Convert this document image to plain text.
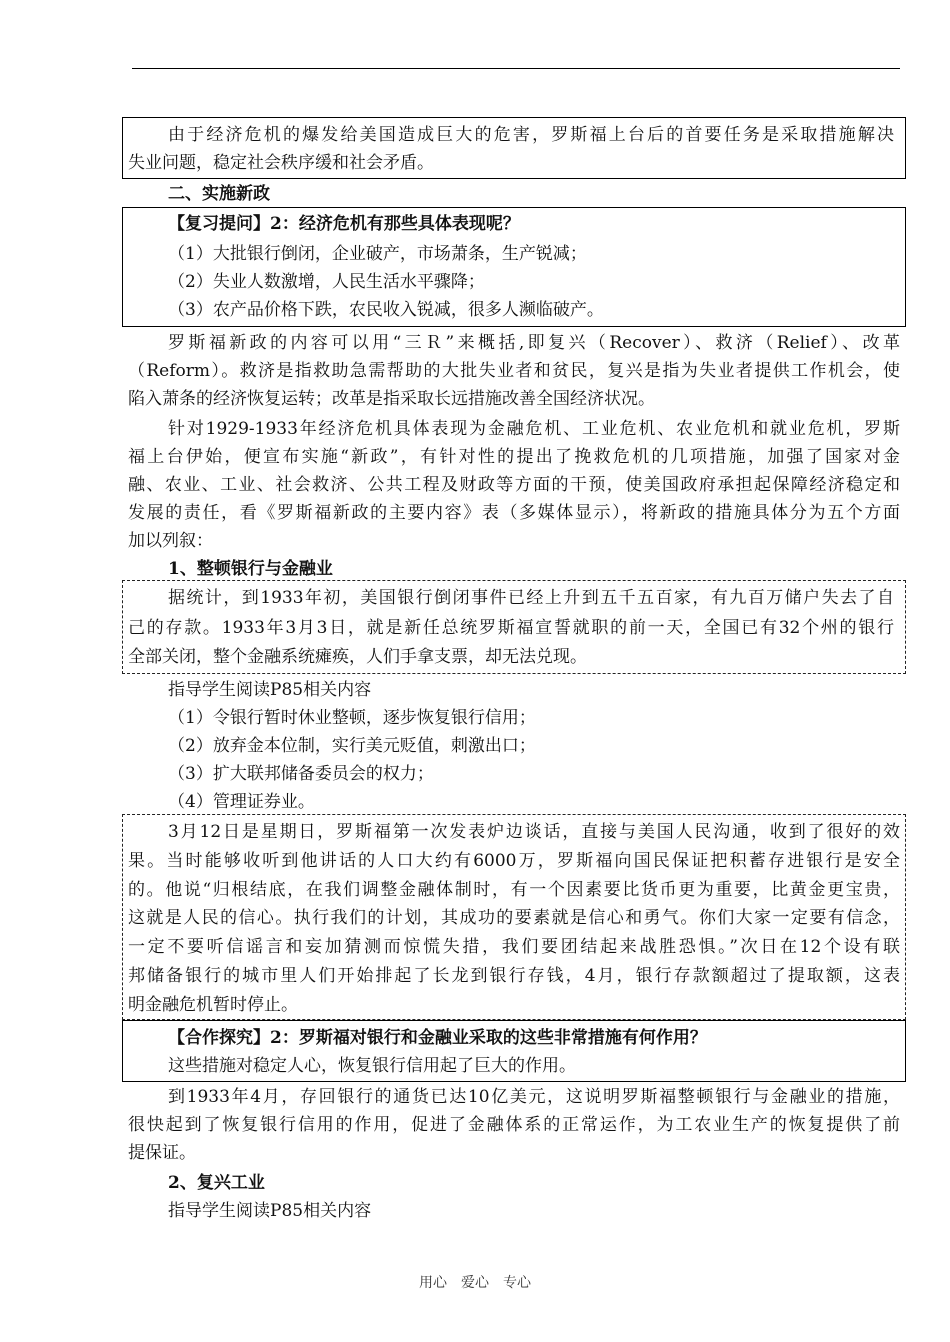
由于经济危机的爆发给美国造成巨大的危害，罗斯福上台后的首要任务是采取措施解决

失业问题，稳定社会秩序缓和社会矛盾。

二、实施新政

【复习提问】2：经济危机有那些具体表现呢？

（1）大批银行倒闭，企业破产，市场萧条，生产锐减；

（2）失业人数激增，人民生活水平骤降；

（3）农产品价格下跌，农民收入锐减，很多人濒临破产。

罗斯福新政的内容可以用“三Ｒ”来概括,即复兴（Recover）、救济（Relief）、改革

（Reform）。救济是指救助急需帮助的大批失业者和贫民，复兴是指为失业者提供工作机会，使

陷入萧条的经济恢复运转；改革是指采取长远措施改善全国经济状况。

针对1929-1933年经济危机具体表现为金融危机、工业危机、农业危机和就业危机，罗斯

福上台伊始，便宣布实施“新政”，有针对性的提出了挽救危机的几项措施，加强了国家对金

融、农业、工业、社会救济、公共工程及财政等方面的干预，使美国政府承担起保障经济稳定和

发展的责任，看《罗斯福新政的主要内容》表（多媒体显示），将新政的措施具体分为五个方面

加以列叙：

1、整顿银行与金融业

据统计，到1933年初，美国银行倒闭事件已经上升到五千五百家，有九百万储户失去了自

己的存款。1933年3月3日，就是新任总统罗斯福宣誓就职的前一天，全国已有32个州的银行

全部关闭，整个金融系统瘫痪，人们手拿支票，却无法兑现。

指导学生阅读P85相关内容

（1）令银行暂时休业整顿，逐步恢复银行信用；

（2）放弃金本位制，实行美元贬值，刺激出口；

（3）扩大联邦储备委员会的权力；

（4）管理证券业。

3月12日是星期日，罗斯福第一次发表炉边谈话，直接与美国人民沟通，收到了很好的效

果。当时能够收听到他讲话的人口大约有6000万，罗斯福向国民保证把积蓄存进银行是安全

的。他说“归根结底，在我们调整金融体制时，有一个因素要比货币更为重要，比黄金更宝贵，

这就是人民的信心。执行我们的计划，其成功的要素就是信心和勇气。你们大家一定要有信念，

一定不要听信谣言和妄加猜测而惊慌失措，我们要团结起来战胜恐惧。”次日在12个设有联

邦储备银行的城市里人们开始排起了长龙到银行存钱，4月，银行存款额超过了提取额，这表

明金融危机暂时停止。

【合作探究】2：罗斯福对银行和金融业采取的这些非常措施有何作用？

这些措施对稳定人心，恢复银行信用起了巨大的作用。

到1933年4月，存回银行的通货已达10亿美元，这说明罗斯福整顿银行与金融业的措施，

很快起到了恢复银行信用的作用，促进了金融体系的正常运作，为工农业生产的恢复提供了前

提保证。

2、复兴工业

指导学生阅读P85相关内容

用心　爱心　专心
